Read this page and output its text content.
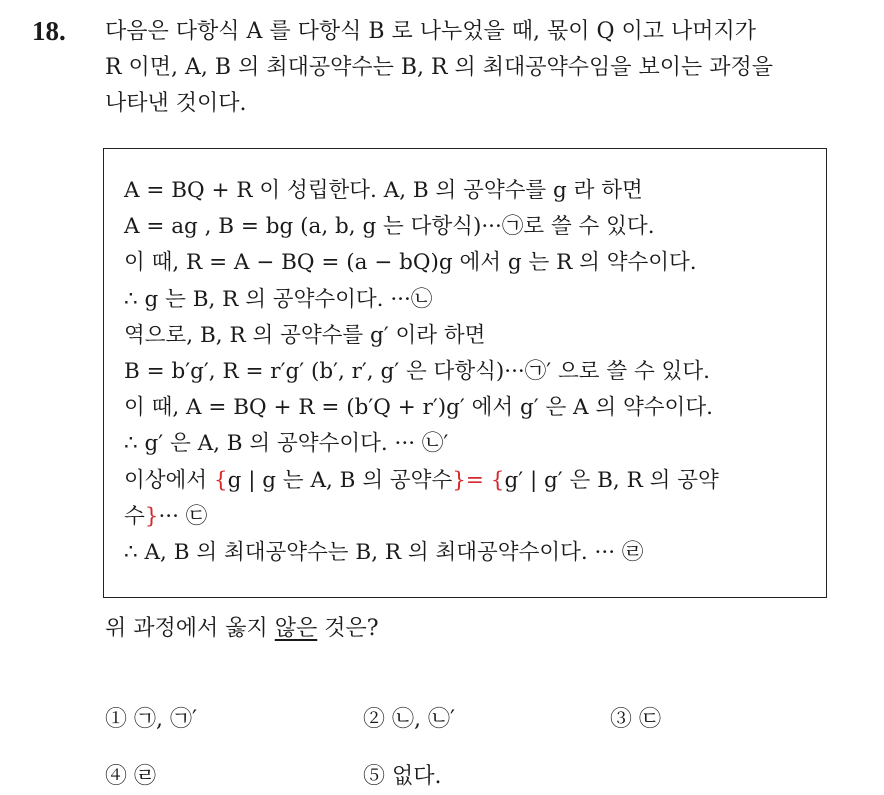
18. 다음은 다항식 A 를 다항식 B 로 나누었을 때, 몫이 Q 이고 나머지가
R 이면, A, B 의 최대공약수는 B, R 의 최대공약수임을 보이는 과정을
나타낸 것이다.
A = BQ + R 이 성립한다. A, B 의 공약수를 g 라 하면
A = ag , B = bg (a, b, g 는 다항식)···㉠로 쓸 수 있다.
이 때, R = A − BQ = (a − bQ)g 에서 g 는 R 의 약수이다.
∴ g 는 B, R 의 공약수이다. ···㉡
역으로, B, R 의 공약수를 g′ 이라 하면
B = b′g′, R = r′g′ (b′, r′, g′ 은 다항식)···㉠′ 으로 쓸 수 있다.
이 때, A = BQ + R = (b′Q + r′)g′ 에서 g′ 은 A 의 약수이다.
∴ g′ 은 A, B 의 공약수이다. ··· ㉡′
이상에서 {g | g 는 A, B 의 공약수}= {g′ | g′ 은 B, R 의 공약
수}··· ㉢
∴ A, B 의 최대공약수는 B, R 의 최대공약수이다. ··· ㉣
위 과정에서 옳지 않은 것은?
① ㉠, ㉠′	② ㉡, ㉡′	③ ㉢
④ ㉣	⑤ 없다.
